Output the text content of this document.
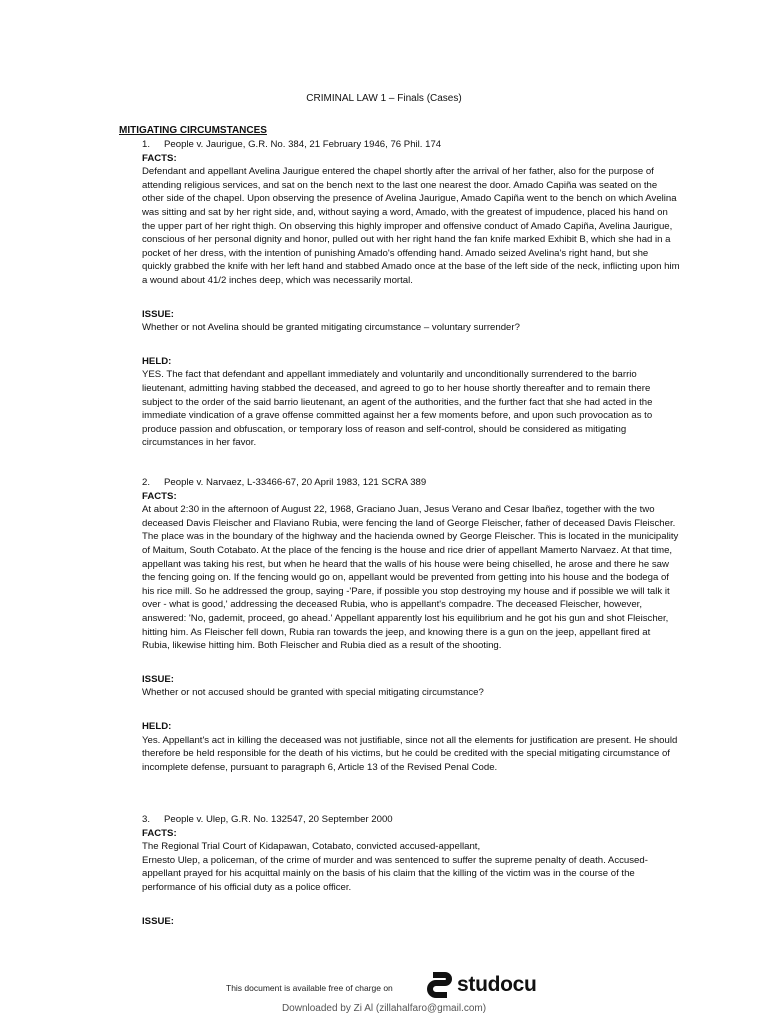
CRIMINAL LAW 1 – Finals (Cases)
MITIGATING CIRCUMSTANCES

1. People v. Jaurigue, G.R. No. 384, 21 February 1946, 76 Phil. 174

FACTS:

Defendant and appellant Avelina Jaurigue entered the chapel shortly after the arrival of her father, also for the purpose of attending religious services, and sat on the bench next to the last one nearest the door. Amado Capiña was seated on the other side of the chapel. Upon observing the presence of Avelina Jaurigue, Amado Capiña went to the bench on which Avelina was sitting and sat by her right side, and, without saying a word, Amado, with the greatest of impudence, placed his hand on the upper part of her right thigh. On observing this highly improper and offensive conduct of Amado Capiña, Avelina Jaurigue, conscious of her personal dignity and honor, pulled out with her right hand the fan knife marked Exhibit B, which she had in a pocket of her dress, with the intention of punishing Amado's offending hand. Amado seized Avelina's right hand, but she quickly grabbed the knife with her left hand and stabbed Amado once at the base of the left side of the neck, inflicting upon him a wound about 41/2 inches deep, which was necessarily mortal.

ISSUE:

Whether or not Avelina should be granted mitigating circumstance – voluntary surrender?

HELD:

YES. The fact that defendant and appellant immediately and voluntarily and unconditionally surrendered to the barrio lieutenant, admitting having stabbed the deceased, and agreed to go to her house shortly thereafter and to remain there subject to the order of the said barrio lieutenant, an agent of the authorities, and the further fact that she had acted in the immediate vindication of a grave offense committed against her a few moments before, and upon such provocation as to produce passion and obfuscation, or temporary loss of reason and self-control, should be considered as mitigating circumstances in her favor.

2. People v. Narvaez, L-33466-67, 20 April 1983, 121 SCRA 389

FACTS:

At about 2:30 in the afternoon of August 22, 1968, Graciano Juan, Jesus Verano and Cesar Ibañez, together with the two deceased Davis Fleischer and Flaviano Rubia, were fencing the land of George Fleischer, father of deceased Davis Fleischer. The place was in the boundary of the highway and the hacienda owned by George Fleischer. This is located in the municipality of Maitum, South Cotabato. At the place of the fencing is the house and rice drier of appellant Mamerto Narvaez. At that time, appellant was taking his rest, but when he heard that the walls of his house were being chiselled, he arose and there he saw the fencing going on. If the fencing would go on, appellant would be prevented from getting into his house and the bodega of his rice mill. So he addressed the group, saying -'Pare, if possible you stop destroying my house and if possible we will talk it over - what is good,' addressing the deceased Rubia, who is appellant's compadre. The deceased Fleischer, however, answered: 'No, gademit, proceed, go ahead.' Appellant apparently lost his equilibrium and he got his gun and shot Fleischer, hitting him. As Fleischer fell down, Rubia ran towards the jeep, and knowing there is a gun on the jeep, appellant fired at Rubia, likewise hitting him. Both Fleischer and Rubia died as a result of the shooting.

ISSUE:

Whether or not accused should be granted with special mitigating circumstance?

HELD:

Yes. Appellant's act in killing the deceased was not justifiable, since not all the elements for justification are present. He should therefore be held responsible for the death of his victims, but he could be credited with the special mitigating circumstance of incomplete defense, pursuant to paragraph 6, Article 13 of the Revised Penal Code.

3. People v. Ulep, G.R. No. 132547, 20 September 2000

FACTS:

The Regional Trial Court of Kidapawan, Cotabato, convicted accused-appellant,

Ernesto Ulep, a policeman, of the crime of murder and was sentenced to suffer the supreme penalty of death. Accused-appellant prayed for his acquittal mainly on the basis of his claim that the killing of the victim was in the course of the performance of his official duty as a police officer.

ISSUE:

This document is available free of charge on	studocu
Downloaded by Zi Al (zillahalfaro@gmail.com)
